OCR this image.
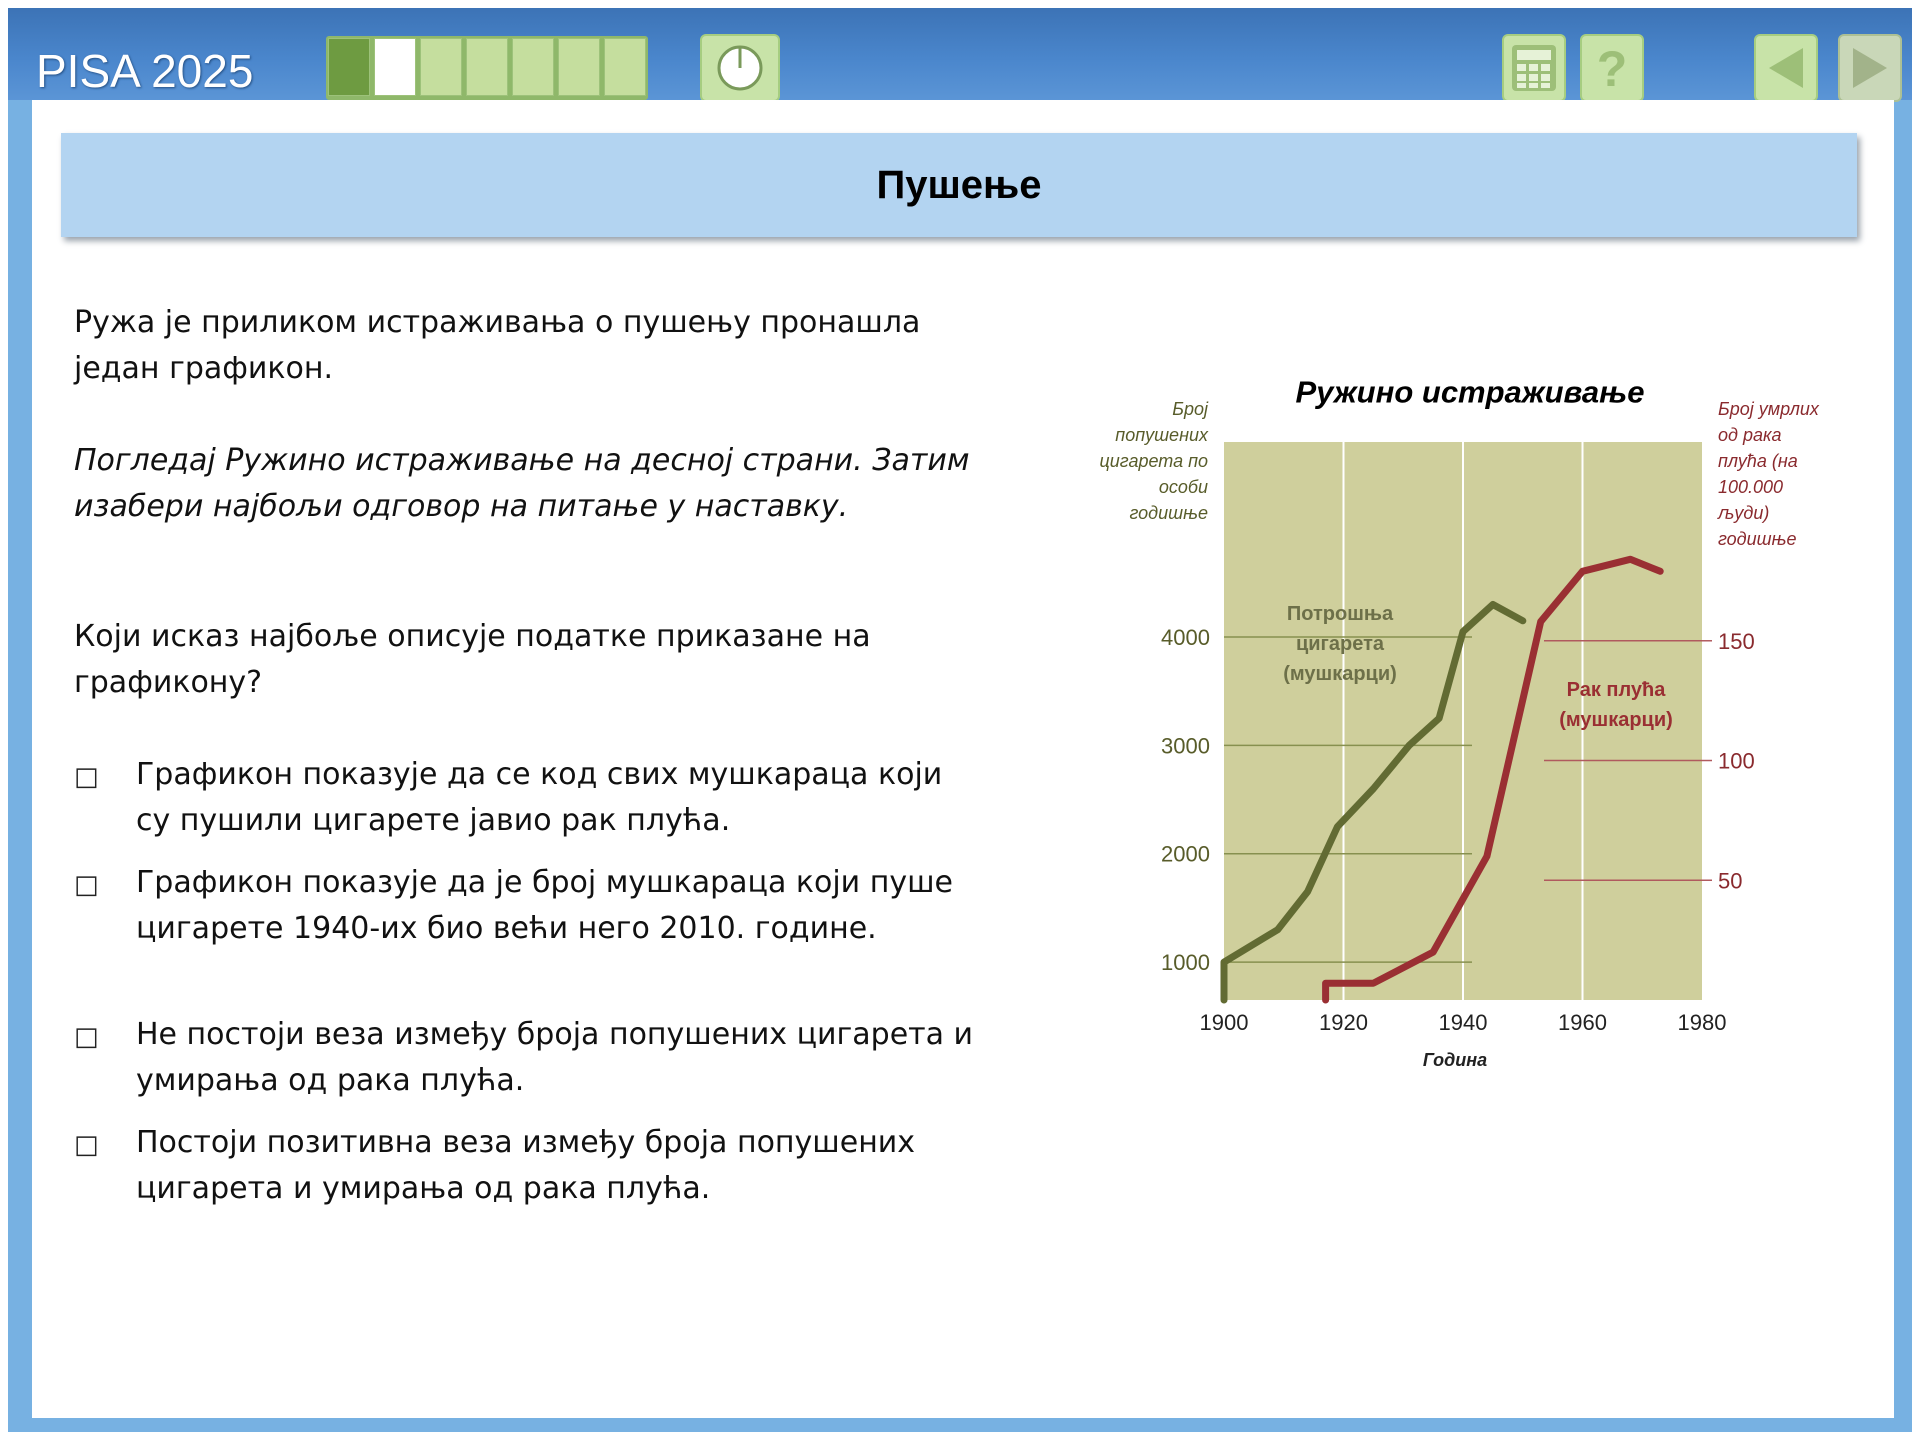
PISA 2025	?
Пушење
Ружа је приликом истраживања о пушењу пронашла један графикон.
Погледај Ружино истраживање на десној страни. Затим изабери најбољи одговор на питање у наставку.
Који исказ најбоље описује податке приказане на графикону?
□	Графикон показује да се код свих мушкараца који су пушили цигарете јавио рак плућа.
□	Графикон показује да је број мушкараца који пуше цигарете 1940-их био већи него 2010. године.
□	Не постоји веза између броја попушених цигарета и умирања од рака плућа.
□	Постоји позитивна веза између броја попушених цигарета и умирања од рака плућа.
Ружино истраживање
1000
2000
3000
4000
50
100
150
1900	1920	1940	1960	1980
Година
Број
попушених
цигарета по
особи
годишње
Број умрлих
од рака
плућа (на
100.000
људи)
годишње
Потрошња
цигарета
(мушкарци)
Рак плућа
(мушкарци)
